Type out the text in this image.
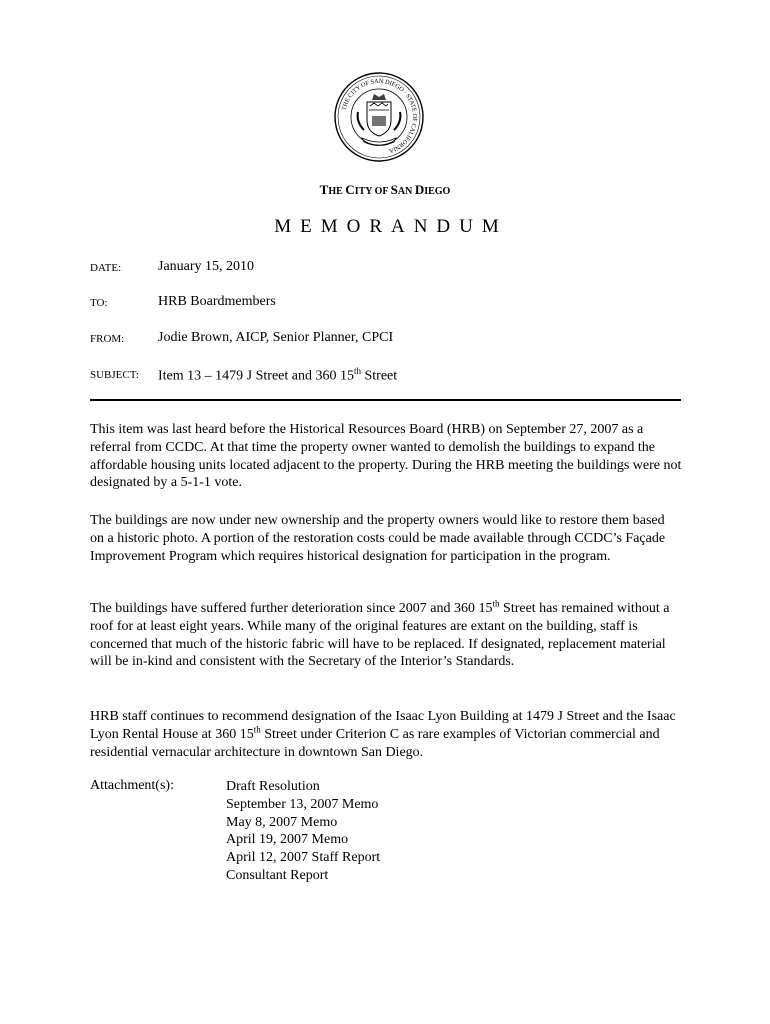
THE CITY OF SAN DIEGO · STATE OF CALIFORNIA
THE CITY OF SAN DIEGO
MEMORANDUM
DATE:	January 15, 2010
TO:	HRB Boardmembers
FROM:	Jodie Brown, AICP, Senior Planner, CPCI
SUBJECT:	Item 13 – 1479 J Street and 360 15th Street

This item was last heard before the Historical Resources Board (HRB) on September 27, 2007 as a referral from CCDC. At that time the property owner wanted to demolish the buildings to expand the affordable housing units located adjacent to the property. During the HRB meeting the buildings were not designated by a 5-1-1 vote.

The buildings are now under new ownership and the property owners would like to restore them based on a historic photo. A portion of the restoration costs could be made available through CCDC’s Façade Improvement Program which requires historical designation for participation in the program.

The buildings have suffered further deterioration since 2007 and 360 15th Street has remained without a roof for at least eight years. While many of the original features are extant on the building, staff is concerned that much of the historic fabric will have to be replaced. If designated, replacement material will be in-kind and consistent with the Secretary of the Interior’s Standards.

HRB staff continues to recommend designation of the Isaac Lyon Building at 1479 J Street and the Isaac Lyon Rental House at 360 15th Street under Criterion C as rare examples of Victorian commercial and residential vernacular architecture in downtown San Diego.

Attachment(s):	Draft Resolution
September 13, 2007 Memo
May 8, 2007 Memo
April 19, 2007 Memo
April 12, 2007 Staff Report
Consultant Report
